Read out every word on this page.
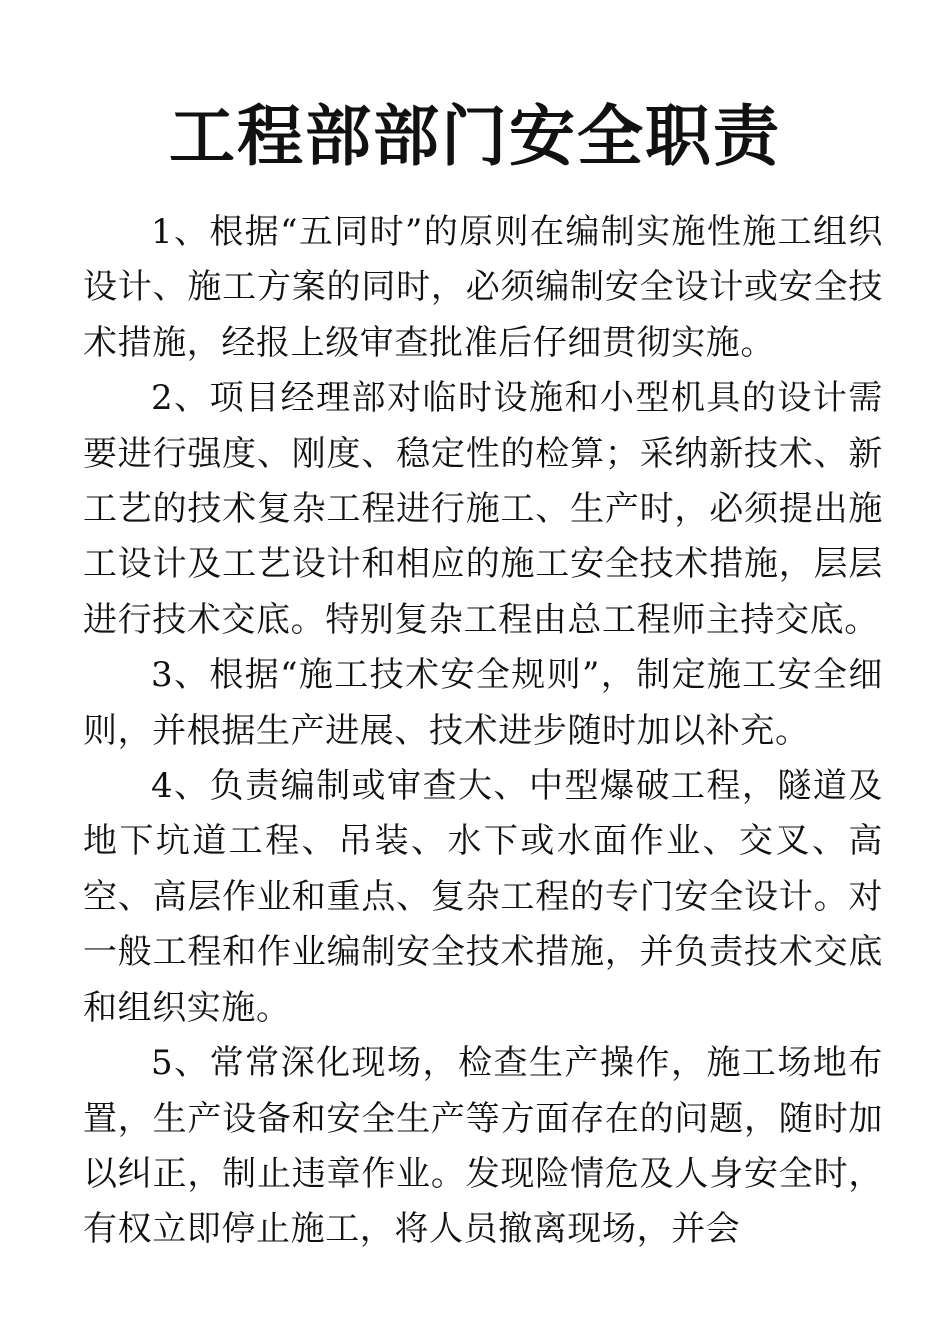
工程部部门安全职责

1、根据“五同时”的原则在编制实施性施工组织设计、施工方案的同时，必须编制安全设计或安全技术措施，经报上级审查批准后仔细贯彻实施。

2、项目经理部对临时设施和小型机具的设计需要进行强度、刚度、稳定性的检算；采纳新技术、新工艺的技术复杂工程进行施工、生产时，必须提出施工设计及工艺设计和相应的施工安全技术措施，层层进行技术交底。特别复杂工程由总工程师主持交底。

3、根据“施工技术安全规则”，制定施工安全细则，并根据生产进展、技术进步随时加以补充。

4、负责编制或审查大、中型爆破工程，隧道及地下坑道工程、吊装、水下或水面作业、交叉、高空、高层作业和重点、复杂工程的专门安全设计。对一般工程和作业编制安全技术措施，并负责技术交底和组织实施。

5、常常深化现场，检查生产操作，施工场地布置，生产设备和安全生产等方面存在的问题，随时加以纠正，制止违章作业。发现险情危及人身安全时，有权立即停止施工，将人员撤离现场，并会
